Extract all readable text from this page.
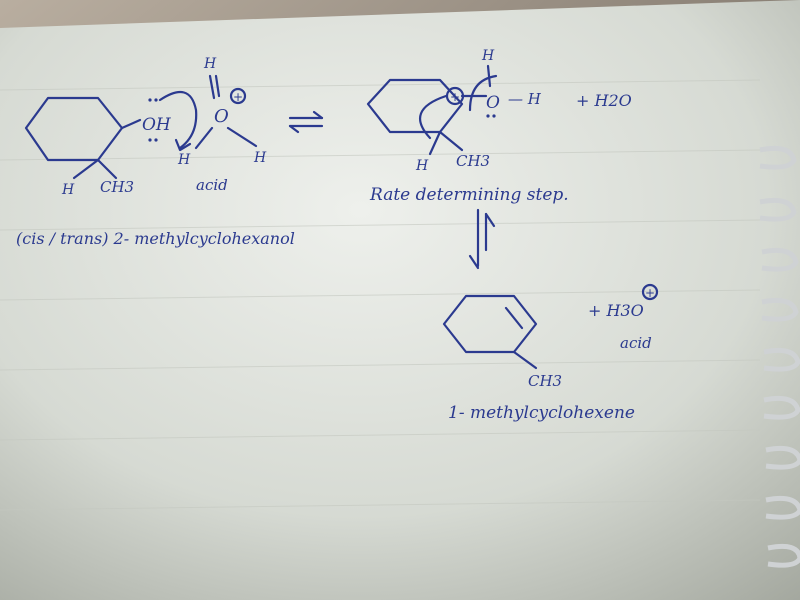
OH
H CH3
(cis / trans) 2- methylcyclohexanol
H
O
+
H	H
acid
+
H
O — H + H2O
H CH3
Rate determining step.
CH3
+ H3O
+
acid
1- methylcyclohexene
